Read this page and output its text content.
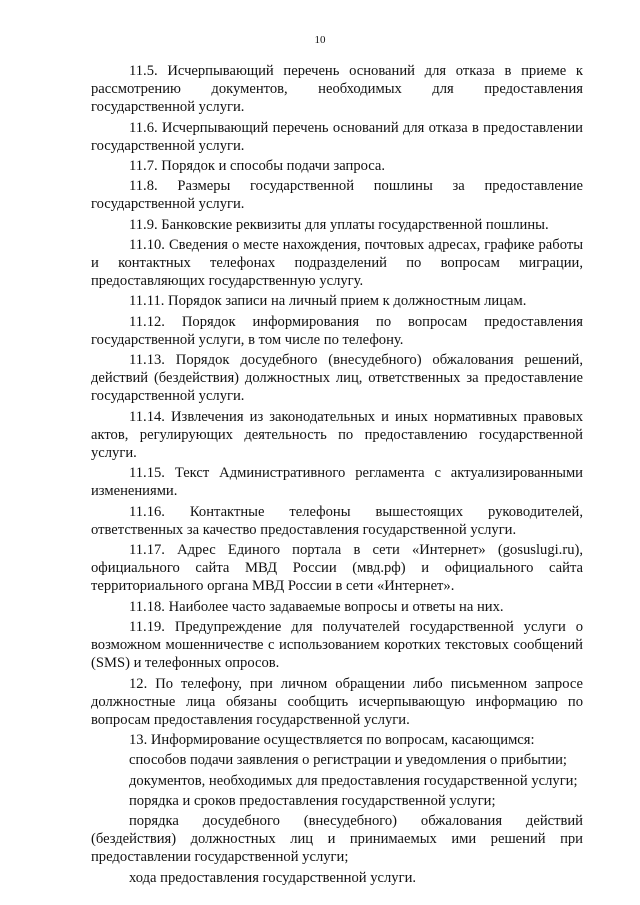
10

11.5. Исчерпывающий перечень оснований для отказа в приеме к рассмотрению документов, необходимых для предоставления государственной услуги.

11.6. Исчерпывающий перечень оснований для отказа в предоставлении государственной услуги.

11.7. Порядок и способы подачи запроса.

11.8. Размеры государственной пошлины за предоставление государственной услуги.

11.9. Банковские реквизиты для уплаты государственной пошлины.

11.10. Сведения о месте нахождения, почтовых адресах, графике работы и контактных телефонах подразделений по вопросам миграции, предоставляющих государственную услугу.

11.11. Порядок записи на личный прием к должностным лицам.

11.12. Порядок информирования по вопросам предоставления государственной услуги, в том числе по телефону.

11.13. Порядок досудебного (внесудебного) обжалования решений, действий (бездействия) должностных лиц, ответственных за предоставление государственной услуги.

11.14. Извлечения из законодательных и иных нормативных правовых актов, регулирующих деятельность по предоставлению государственной услуги.

11.15. Текст Административного регламента с актуализированными изменениями.

11.16. Контактные телефоны вышестоящих руководителей, ответственных за качество предоставления государственной услуги.

11.17. Адрес Единого портала в сети «Интернет» (gosuslugi.ru), официального сайта МВД России (мвд.рф) и официального сайта территориального органа МВД России в сети «Интернет».

11.18. Наиболее часто задаваемые вопросы и ответы на них.

11.19. Предупреждение для получателей государственной услуги о возможном мошенничестве с использованием коротких текстовых сообщений (SMS) и телефонных опросов.

12. По телефону, при личном обращении либо письменном запросе должностные лица обязаны сообщить исчерпывающую информацию по вопросам предоставления государственной услуги.

13. Информирование осуществляется по вопросам, касающимся:

способов подачи заявления о регистрации и уведомления о прибытии;

документов, необходимых для предоставления государственной услуги;

порядка и сроков предоставления государственной услуги;

порядка досудебного (внесудебного) обжалования действий (бездействия) должностных лиц и принимаемых ими решений при предоставлении государственной услуги;

хода предоставления государственной услуги.
